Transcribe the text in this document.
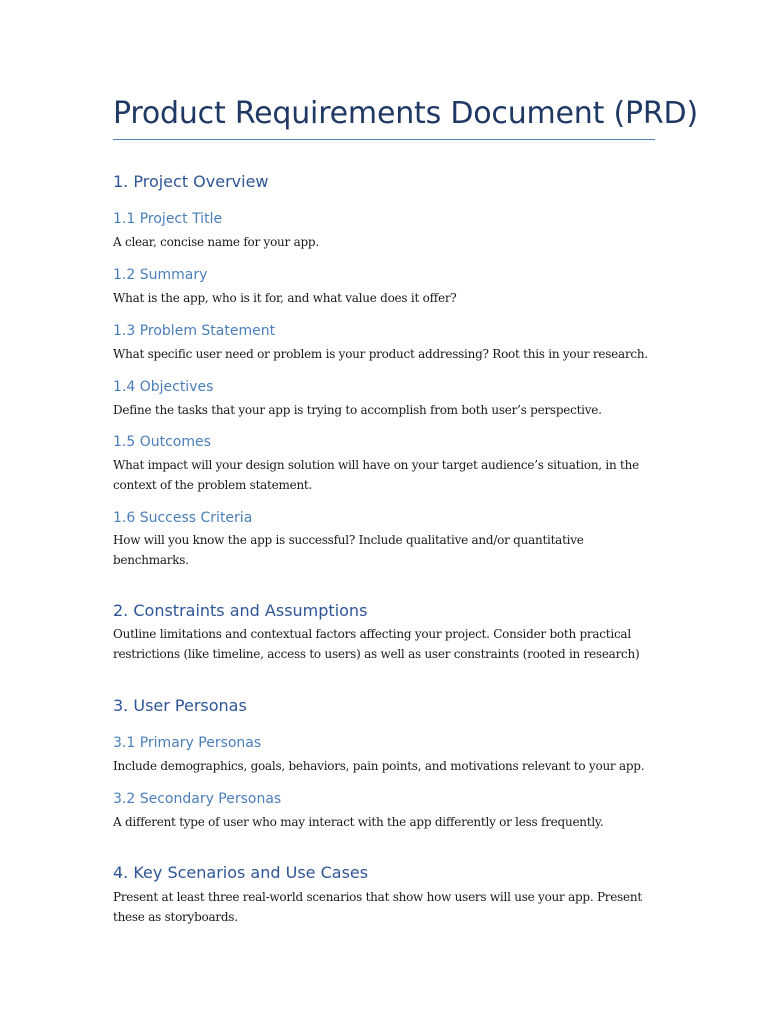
Product Requirements Document (PRD)
1. Project Overview
1.1 Project Title

A clear, concise name for your app.

1.2 Summary

What is the app, who is it for, and what value does it offer?

1.3 Problem Statement

What specific user need or problem is your product addressing? Root this in your research.

1.4 Objectives

Define the tasks that your app is trying to accomplish from both user’s perspective.

1.5 Outcomes

What impact will your design solution will have on your target audience’s situation, in the context of the problem statement.

1.6 Success Criteria

How will you know the app is successful? Include qualitative and/or quantitative benchmarks.

2. Constraints and Assumptions

Outline limitations and contextual factors affecting your project. Consider both practical restrictions (like timeline, access to users) as well as user constraints (rooted in research)

3. User Personas
3.1 Primary Personas

Include demographics, goals, behaviors, pain points, and motivations relevant to your app.

3.2 Secondary Personas

A different type of user who may interact with the app differently or less frequently.

4. Key Scenarios and Use Cases

Present at least three real-world scenarios that show how users will use your app. Present these as storyboards.
